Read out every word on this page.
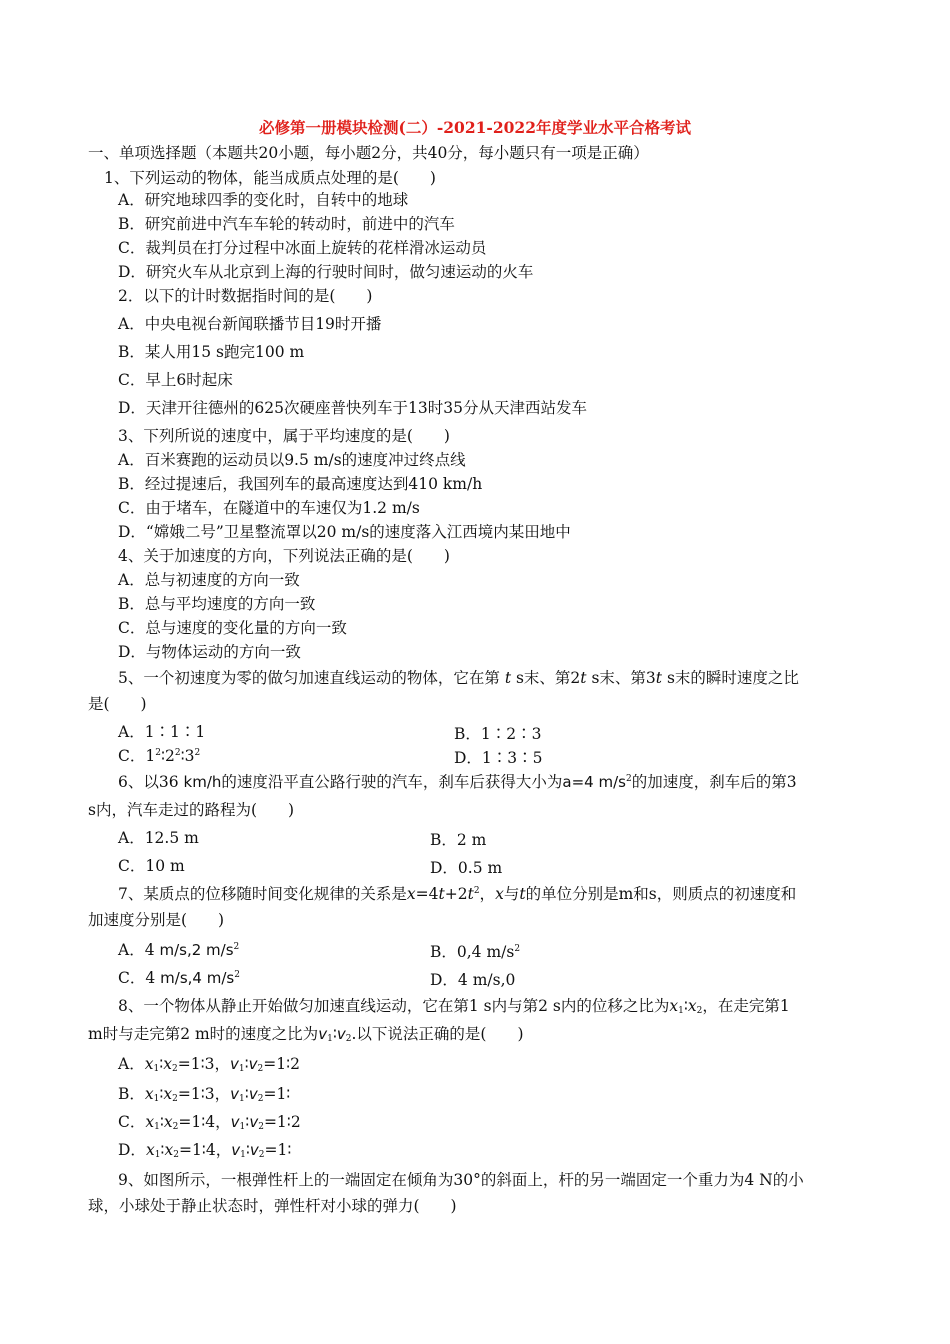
必修第一册模块检测(二）-2021-2022年度学业水平合格考试
一、单项选择题（本题共20小题，每小题2分，共40分，每小题只有一项是正确）
1、下列运动的物体，能当成质点处理的是(　　)
A．研究地球四季的变化时，自转中的地球
B．研究前进中汽车车轮的转动时，前进中的汽车
C．裁判员在打分过程中冰面上旋转的花样滑冰运动员
D．研究火车从北京到上海的行驶时间时，做匀速运动的火车
2．以下的计时数据指时间的是(　　)
A．中央电视台新闻联播节目19时开播
B．某人用15 s跑完100 m
C．早上6时起床
D．天津开往德州的625次硬座普快列车于13时35分从天津西站发车
3、下列所说的速度中，属于平均速度的是(　　)
A．百米赛跑的运动员以9.5 m/s的速度冲过终点线
B．经过提速后，我国列车的最高速度达到410 km/h
C．由于堵车，在隧道中的车速仅为1.2 m/s
D．“嫦娥二号”卫星整流罩以20 m/s的速度落入江西境内某田地中
4、关于加速度的方向，下列说法正确的是(　　)
A．总与初速度的方向一致
B．总与平均速度的方向一致
C．总与速度的变化量的方向一致
D．与物体运动的方向一致
5、一个初速度为零的做匀加速直线运动的物体，它在第 t s末、第2t s末、第3t s末的瞬时速度之比
是(　　)
A．1∶1∶1	B．1∶2∶3
C．$1^2∶2^2∶3^2$	D．1∶3∶5
6、以36 km/h的速度沿平直公路行驶的汽车，刹车后获得大小为a=4 $m/s^2$的加速度，刹车后的第3
s内，汽车走过的路程为(　　)
A．12.5 m	B．2 m
C．10 m	D．0.5 m
7、某质点的位移随时间变化规律的关系是$x=4t+2t^2$，x与t的单位分别是m和s，则质点的初速度和
加速度分别是(　　)
A．4 m/s,2 $m/s^2$	B．0,4 $m/s^2$
C．4 m/s,4 $m/s^2$	D．4 m/s,0
8、一个物体从静止开始做匀加速直线运动，它在第1 s内与第2 s内的位移之比为$x_1∶x_2$，在走完第1
m时与走完第2 m时的速度之比为$v_1∶v_2$.以下说法正确的是(　　)
A．$x_1∶x_2=1∶3$，$v_1∶v_2=1∶2$
B．$x_1∶x_2=1∶3$，$v_1∶v_2=1∶$
C．$x_1∶x_2=1∶4$，$v_1∶v_2=1∶2$
D．$x_1∶x_2=1∶4$，$v_1∶v_2=1∶$
9、如图所示，一根弹性杆上的一端固定在倾角为30°的斜面上，杆的另一端固定一个重力为4 N的小
球，小球处于静止状态时，弹性杆对小球的弹力(　　)
